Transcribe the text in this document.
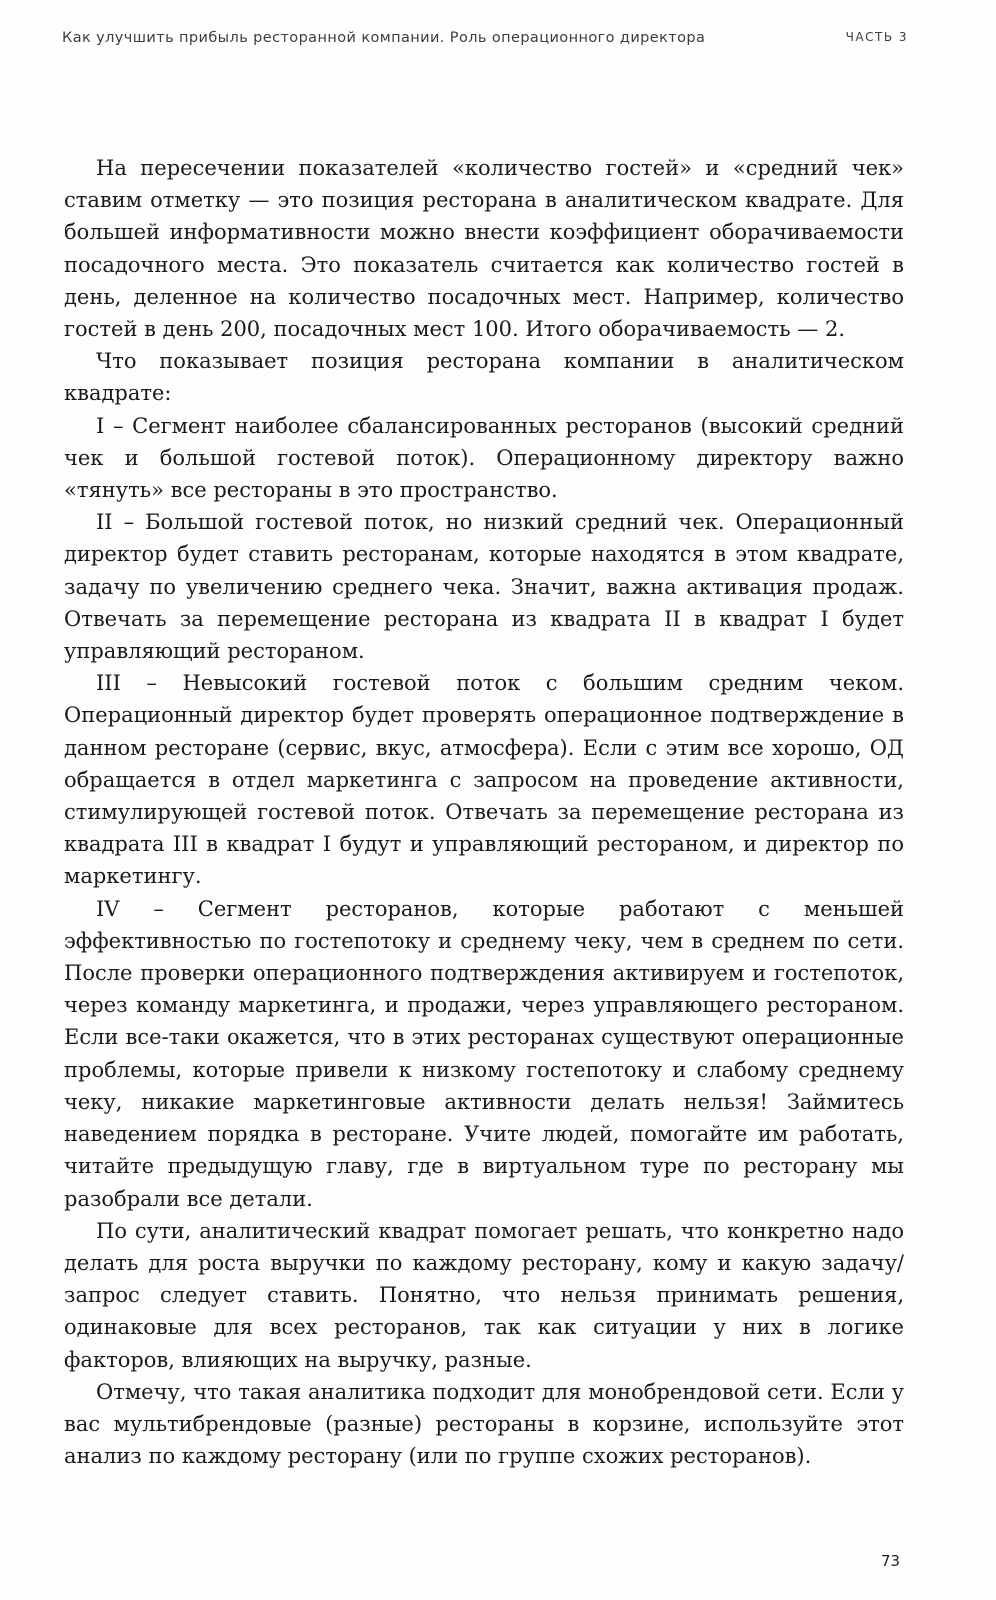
Как улучшить прибыль ресторанной компании. Роль операционного директора	ЧАСТЬ 3

На пересечении показателей «количество гостей» и «средний чек» ставим отметку — это позиция ресторана в аналитическом квадрате. Для большей информативности можно внести коэффициент оборачиваемости посадочного места. Это показатель считается как количество гостей в день, деленное на количество посадочных мест. Например, количество гостей в день 200, посадочных мест 100. Итого оборачиваемость — 2.

Что показывает позиция ресторана компании в аналитическом квадрате:

I – Сегмент наиболее сбалансированных ресторанов (высокий средний чек и большой гостевой поток). Операционному директору важно «тянуть» все рестораны в это пространство.

II – Большой гостевой поток, но низкий средний чек. Операционный директор будет ставить ресторанам, которые находятся в этом квадрате, задачу по увеличению среднего чека. Значит, важна активация продаж. Отвечать за перемещение ресторана из квадрата II в квадрат I будет управляющий рестораном.

III – Невысокий гостевой поток с большим средним чеком. Операционный директор будет проверять операционное подтверждение в данном ресторане (сервис, вкус, атмосфера). Если с этим все хорошо, ОД обращается в отдел маркетинга с запросом на проведение активности, стимулирующей гостевой поток. Отвечать за перемещение ресторана из квадрата III в квадрат I будут и управляющий рестораном, и директор по маркетингу.

IV – Сегмент ресторанов, которые работают с меньшей эффективностью по гостепотоку и среднему чеку, чем в среднем по сети. После проверки операционного подтверждения активируем и гостепоток, через команду маркетинга, и продажи, через управляющего рестораном. Если все-таки окажется, что в этих ресторанах существуют операционные проблемы, которые привели к низкому гостепотоку и слабому среднему чеку, никакие маркетинговые активности делать нельзя! Займитесь наведением порядка в ресторане. Учите людей, помогайте им работать, читайте предыдущую главу, где в виртуальном туре по ресторану мы разобрали все детали.

По сути, аналитический квадрат помогает решать, что конкретно надо делать для роста выручки по каждому ресторану, кому и какую задачу/запрос следует ставить. Понятно, что нельзя принимать решения, одинаковые для всех ресторанов, так как ситуации у них в логике факторов, влияющих на выручку, разные.

Отмечу, что такая аналитика подходит для монобрендовой сети. Если у вас мультибрендовые (разные) рестораны в корзине, используйте этот анализ по каждому ресторану (или по группе схожих ресторанов).

73
